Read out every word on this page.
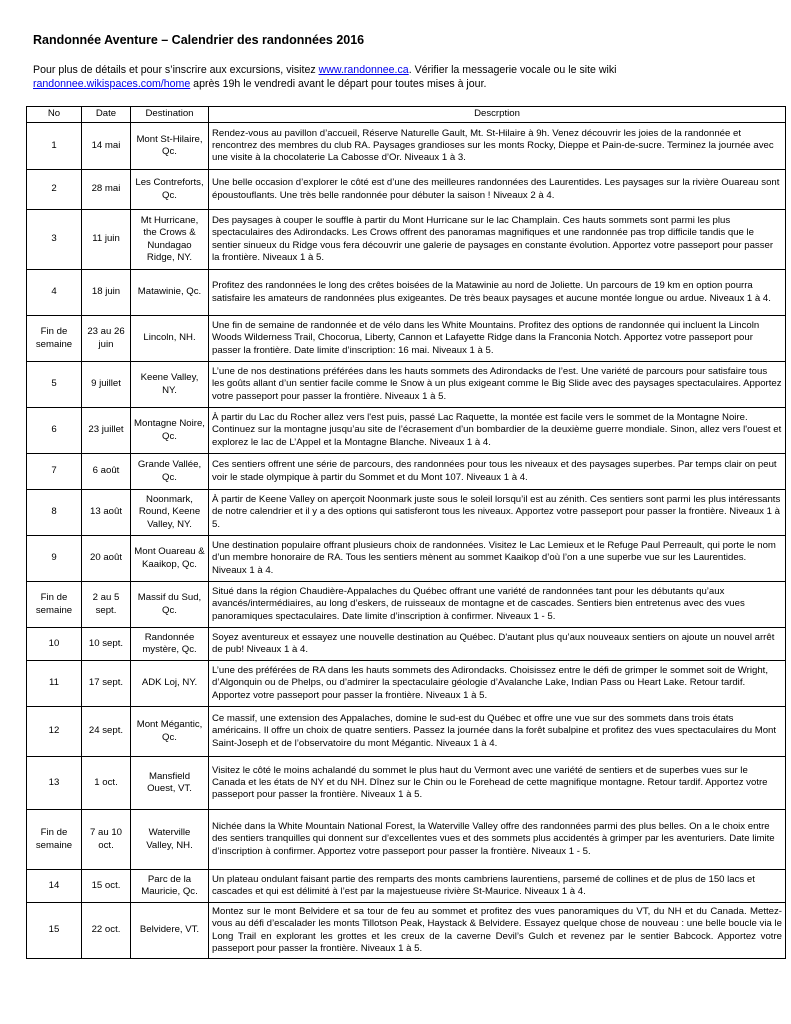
Randonnée Aventure – Calendrier des randonnées 2016
Pour plus de détails et pour s’inscrire aux excursions, visitez www.randonnee.ca. Vérifier la messagerie vocale ou le site wiki randonnee.wikispaces.com/home après 19h le vendredi avant le départ pour toutes mises à jour.
No	Date	Destination	Descrption
1	14 mai	Mont St-Hilaire, Qc.	Rendez-vous au pavillon d’accueil, Réserve Naturelle Gault, Mt. St-Hilaire à 9h. Venez découvrir les joies de la randonnée et rencontrez des membres du club RA. Paysages grandioses sur les monts Rocky, Dieppe et Pain-de-sucre. Terminez la journée avec une visite à la chocolaterie La Cabosse d’Or. Niveaux 1 à 3.
2	28 mai	Les Contreforts, Qc.	Une belle occasion d’explorer le côté est d’une des meilleures randonnées des Laurentides. Les paysages sur la rivière Ouareau sont époustouflants. Une très belle randonnée pour débuter la saison ! Niveaux 2 à 4.
3	11 juin	Mt Hurricane, the Crows & Nundagao Ridge, NY.	Des paysages à couper le souffle à partir du Mont Hurricane sur le lac Champlain. Ces hauts sommets sont parmi les plus spectaculaires des Adirondacks. Les Crows offrent des panoramas magnifiques et une randonnée pas trop difficile tandis que le sentier sinueux du Ridge vous fera découvrir une galerie de paysages en constante évolution. Apportez votre passeport pour passer la frontière. Niveaux 1 à 5.
4	18 juin	Matawinie, Qc.	Profitez des randonnées le long des crêtes boisées de la Matawinie au nord de Joliette. Un parcours de 19 km en option pourra satisfaire les amateurs de randonnées plus exigeantes. De très beaux paysages et aucune montée longue ou ardue. Niveaux 1 à 4.
Fin de semaine	23 au 26 juin	Lincoln, NH.	Une fin de semaine de randonnée et de vélo dans les White Mountains. Profitez des options de randonnée qui incluent la Lincoln Woods Wilderness Trail, Chocorua, Liberty, Cannon et Lafayette Ridge dans la Franconia Notch. Apportez votre passeport pour passer la frontière. Date limite d’inscription: 16 mai. Niveaux 1 à 5.
5	9 juillet	Keene Valley, NY.	L’une de nos destinations préférées dans les hauts sommets des Adirondacks de l’est. Une variété de parcours pour satisfaire tous les goûts allant d’un sentier facile comme le Snow à un plus exigeant comme le Big Slide avec des paysages spectaculaires. Apportez votre passeport pour passer la frontière. Niveaux 1 à 5.
6	23 juillet	Montagne Noire, Qc.	À partir du Lac du Rocher allez vers l'est puis, passé Lac Raquette, la montée est facile vers le sommet de la Montagne Noire. Continuez sur la montagne jusqu’au site de l’écrasement d’un bombardier de la deuxième guerre mondiale. Sinon, allez vers l'ouest et explorez le lac de L’Appel et la Montagne Blanche. Niveaux 1 à 4.
7	6 août	Grande Vallée, Qc.	Ces sentiers offrent une série de parcours, des randonnées pour tous les niveaux et des paysages superbes. Par temps clair on peut voir le stade olympique à partir du Sommet et du Mont 107. Niveaux 1 à 4.
8	13 août	Noonmark, Round, Keene Valley, NY.	À partir de Keene Valley on aperçoit Noonmark juste sous le soleil lorsqu’il est au zénith. Ces sentiers sont parmi les plus intéressants de notre calendrier et il y a des options qui satisferont tous les niveaux. Apportez votre passeport pour passer la frontière. Niveaux 1 à 5.
9	20 août	Mont Ouareau & Kaaikop, Qc.	Une destination populaire offrant plusieurs choix de randonnées. Visitez le Lac Lemieux et le Refuge Paul Perreault, qui porte le nom d’un membre honoraire de RA. Tous les sentiers mènent au sommet Kaaikop d’où l’on a une superbe vue sur les Laurentides. Niveaux 1 à 4.
Fin de semaine	2 au 5 sept.	Massif du Sud, Qc.	Situé dans la région Chaudière-Appalaches du Québec offrant une variété de randonnées tant pour les débutants qu’aux avancés/intermédiaires, au long d’eskers, de ruisseaux de montagne et de cascades. Sentiers bien entretenus avec des vues panoramiques spectaculaires. Date limite d’inscription à confirmer. Niveaux 1 - 5.
10	10 sept.	Randonnée mystère, Qc.	Soyez aventureux et essayez une nouvelle destination au Québec. D'autant plus qu’aux nouveaux sentiers on ajoute un nouvel arrêt de pub! Niveaux 1 à 4.
11	17 sept.	ADK Loj, NY.	L’une des préférées de RA dans les hauts sommets des Adirondacks. Choisissez entre le défi de grimper le sommet soit de Wright, d’Algonquin ou de Phelps, ou d’admirer la spectaculaire géologie d’Avalanche Lake, Indian Pass ou Heart Lake. Retour tardif. Apportez votre passeport pour passer la frontière. Niveaux 1 à 5.
12	24 sept.	Mont Mégantic, Qc.	Ce massif, une extension des Appalaches, domine le sud-est du Québec et offre une vue sur des sommets dans trois états américains. Il offre un choix de quatre sentiers. Passez la journée dans la forêt subalpine et profitez des vues spectaculaires du Mont Saint-Joseph et de l’observatoire du mont Mégantic. Niveaux 1 à 4.
13	1 oct.	Mansfield Ouest, VT.	Visitez le côté le moins achalandé du sommet le plus haut du Vermont avec une variété de sentiers et de superbes vues sur le Canada et les états de NY et du NH. Dînez sur le Chin ou le Forehead de cette magnifique montagne. Retour tardif. Apportez votre passeport pour passer la frontière. Niveaux 1 à 5.
Fin de semaine	7 au 10 oct.	Waterville Valley, NH.	Nichée dans la White Mountain National Forest, la Waterville Valley offre des randonnées parmi des plus belles. On a le choix entre des sentiers tranquilles qui donnent sur d’excellentes vues et des sommets plus accidentés à grimper par les aventuriers. Date limite d’inscription à confirmer. Apportez votre passeport pour passer la frontière. Niveaux 1 - 5.
14	15 oct.	Parc de la Mauricie, Qc.	Un plateau ondulant faisant partie des remparts des monts cambriens laurentiens, parsemé de collines et de plus de 150 lacs et cascades et qui est délimité à l’est par la majestueuse rivière St-Maurice. Niveaux 1 à 4.
15	22 oct.	Belvidere, VT.	Montez sur le mont Belvidere et sa tour de feu au sommet et profitez des vues panoramiques du VT, du NH et du Canada. Mettez-vous au défi d’escalader les monts Tillotson Peak, Haystack & Belvidere. Essayez quelque chose de nouveau : une belle boucle via le Long Trail en explorant les grottes et les creux de la caverne Devil’s Gulch et revenez par le sentier Babcock. Apportez votre passeport pour passer la frontière. Niveaux 1 à 5.
